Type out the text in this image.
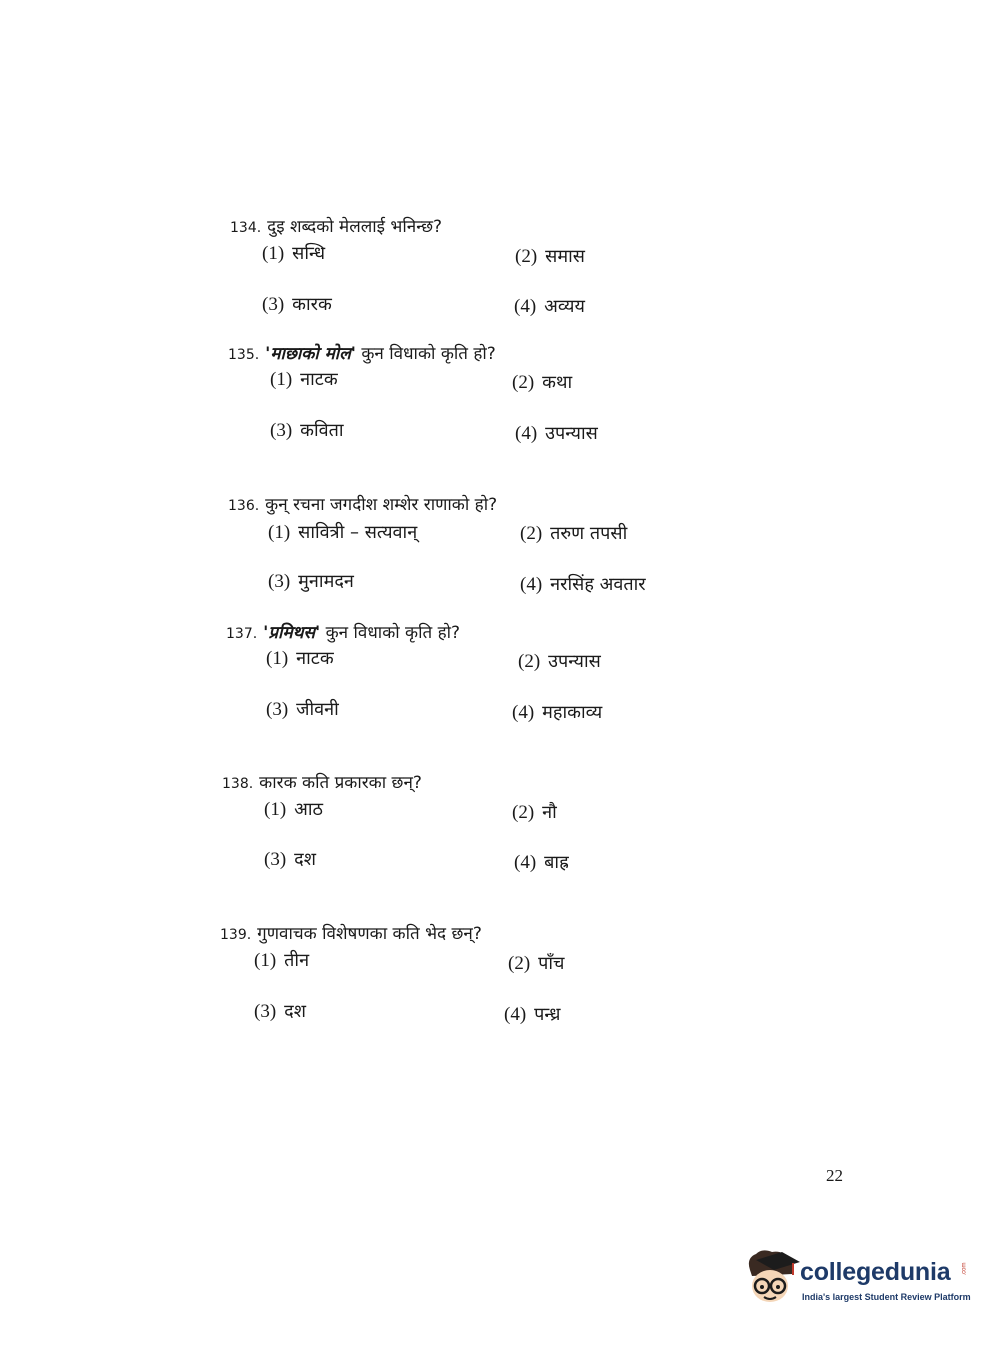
134. दुइ शब्दको मेललाई भनिन्छ?
(1) सन्धि	(2) समास
(3) कारक	(4) अव्यय
135. 'माछाको मोल' कुन विधाको कृति हो?
(1) नाटक	(2) कथा
(3) कविता	(4) उपन्यास
136. कुन् रचना जगदीश शम्शेर राणाको हो?
(1) सावित्री – सत्यवान्	(2) तरुण तपसी
(3) मुनामदन	(4) नरसिंह अवतार
137. 'प्रमिथस' कुन विधाको कृति हो?
(1) नाटक	(2) उपन्यास
(3) जीवनी	(4) महाकाव्य
138. कारक कति प्रकारका छन्?
(1) आठ	(2) नौ
(3) दश	(4) बाह्र
139. गुणवाचक विशेषणका कति भेद छन्?
(1) तीन	(2) पाँच
(3) दश	(4) पन्ध्र
22
collegedunia .com
India's largest Student Review Platform
